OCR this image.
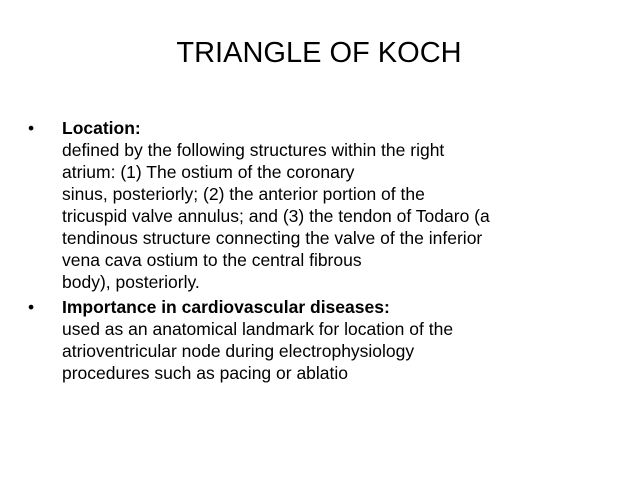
TRIANGLE OF KOCH
• Location:
defined by the following structures within the right
atrium: (1) The ostium of the coronary
sinus, posteriorly; (2) the anterior portion of the
tricuspid valve annulus; and (3) the tendon of Todaro (a
tendinous structure connecting the valve of the inferior
vena cava ostium to the central fibrous
body), posteriorly.
• Importance in cardiovascular diseases:
used as an anatomical landmark for location of the
atrioventricular node during electrophysiology
procedures such as pacing or ablatio
